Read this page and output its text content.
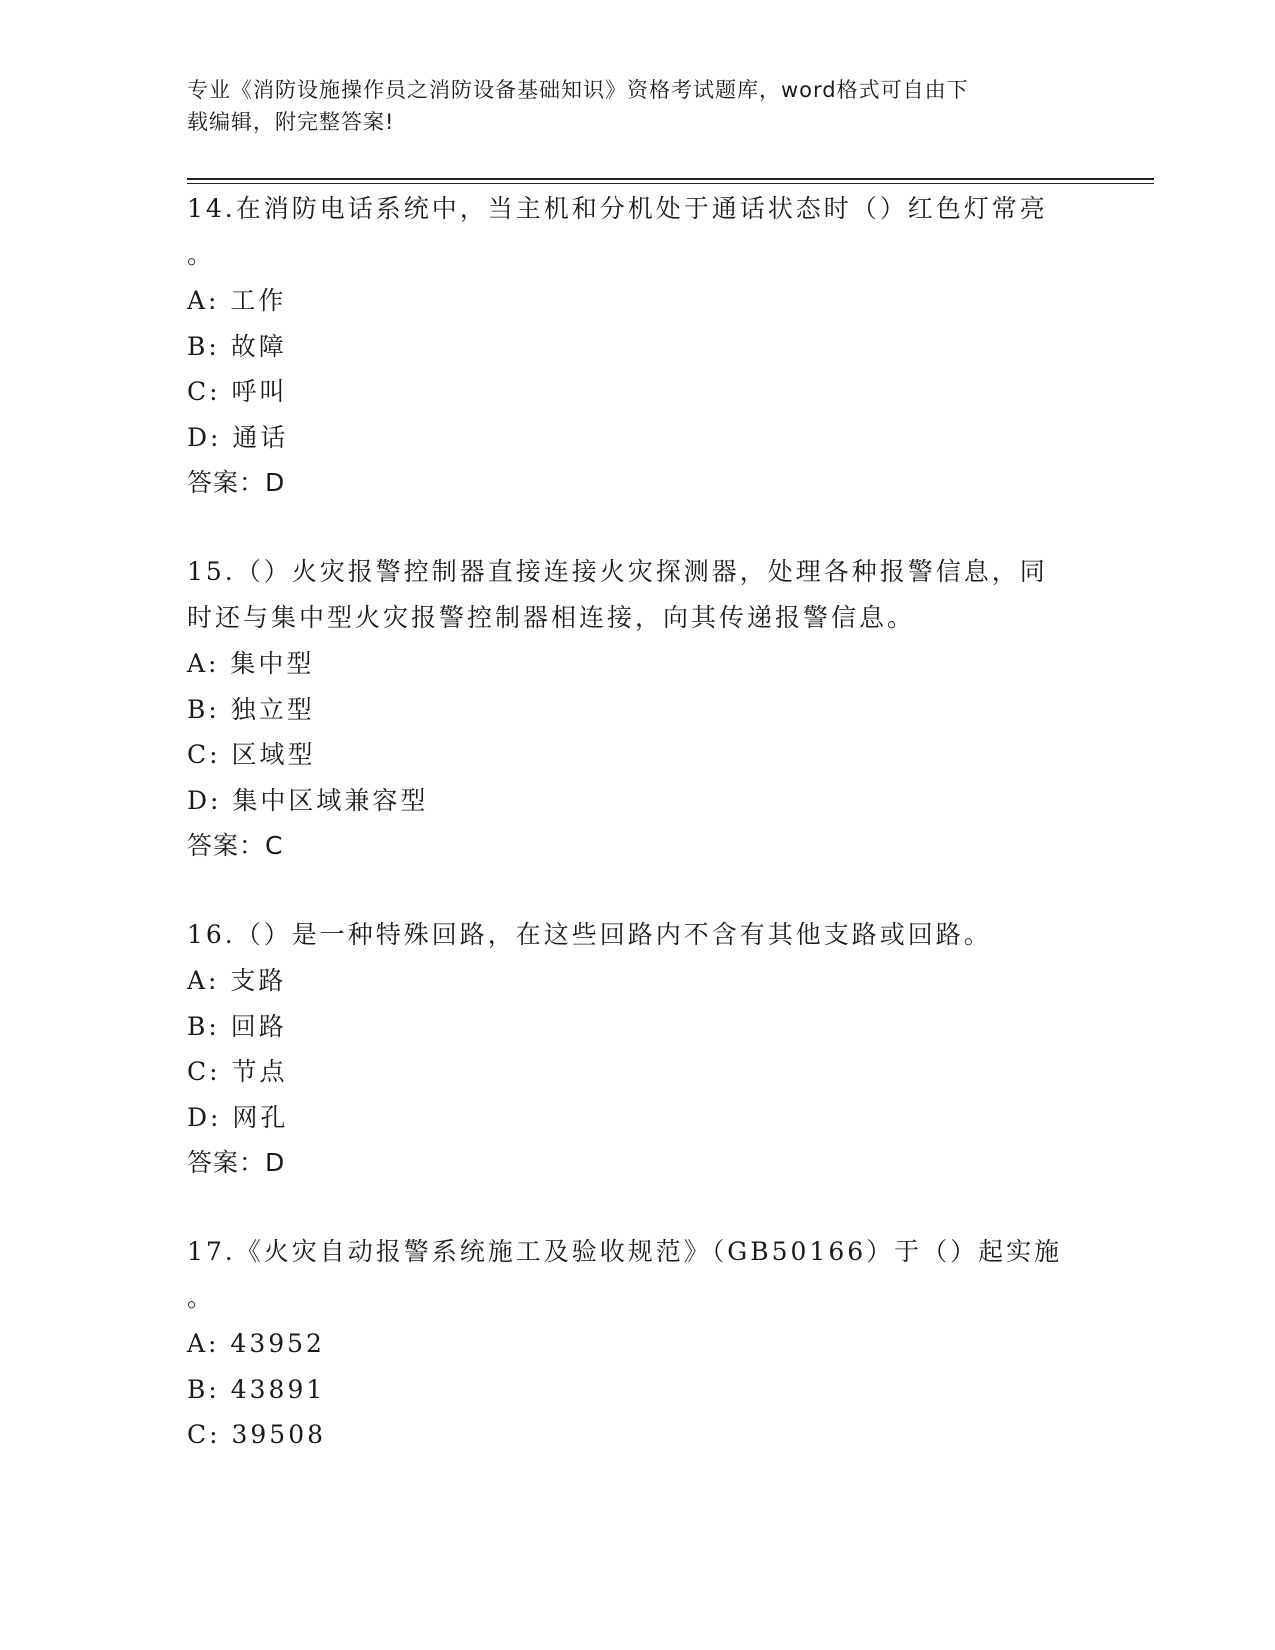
专业《消防设施操作员之消防设备基础知识》资格考试题库，word格式可自由下
载编辑，附完整答案!

14.在消防电话系统中，当主机和分机处于通话状态时（）红色灯常亮

。

A: 工作

B: 故障

C: 呼叫

D: 通话

答案：D

15.（）火灾报警控制器直接连接火灾探测器，处理各种报警信息，同

时还与集中型火灾报警控制器相连接，向其传递报警信息。

A: 集中型

B: 独立型

C: 区域型

D: 集中区域兼容型

答案：C

16.（）是一种特殊回路，在这些回路内不含有其他支路或回路。

A: 支路

B: 回路

C: 节点

D: 网孔

答案：D

17.《火灾自动报警系统施工及验收规范》（GB50166）于（）起实施

。

A: 43952

B: 43891

C: 39508
